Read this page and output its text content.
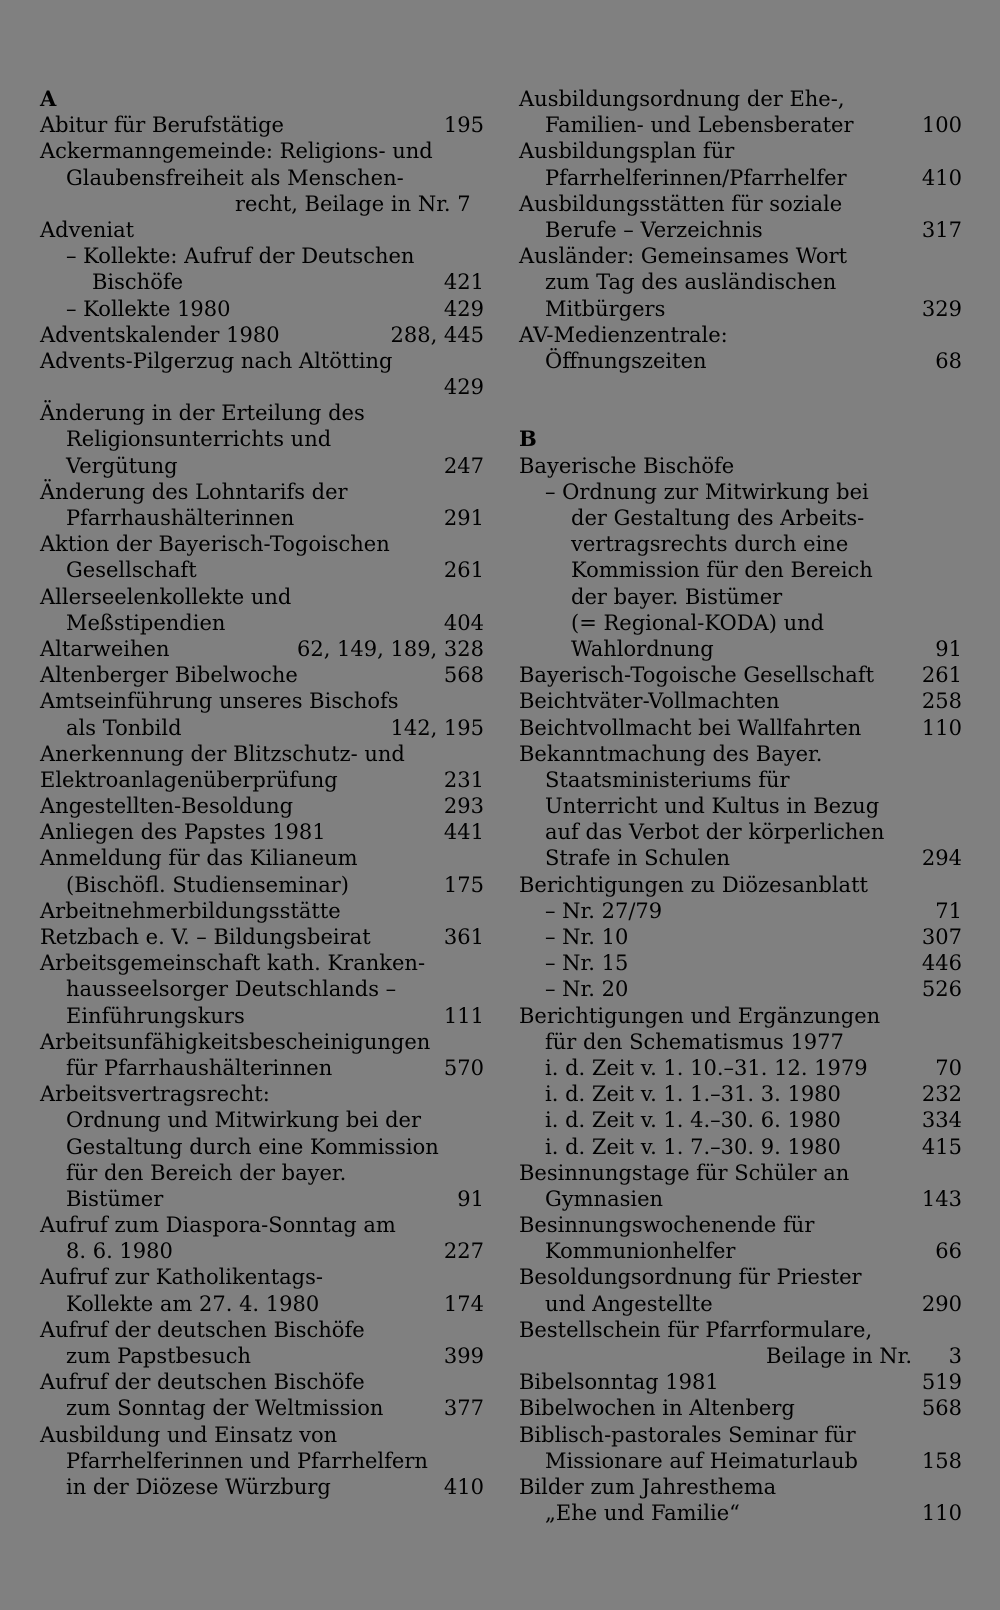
A
Abitur für Berufstätige	195
Ackermanngemeinde: Religions- und
Glaubensfreiheit als Menschen-
recht, Beilage in Nr. 7
Adveniat
– Kollekte: Aufruf der Deutschen
Bischöfe	421
– Kollekte 1980	429
Adventskalender 1980	288, 445
Advents-Pilgerzug nach Altötting
429
Änderung in der Erteilung des
Religionsunterrichts und
Vergütung	247
Änderung des Lohntarifs der
Pfarrhaushälterinnen	291
Aktion der Bayerisch-Togoischen
Gesellschaft	261
Allerseelenkollekte und
Meßstipendien	404
Altarweihen	62, 149, 189, 328
Altenberger Bibelwoche	568
Amtseinführung unseres Bischofs
als Tonbild	142, 195
Anerkennung der Blitzschutz- und
Elektroanlagenüberprüfung	231
Angestellten-Besoldung	293
Anliegen des Papstes 1981	441
Anmeldung für das Kilianeum
(Bischöfl. Studienseminar)	175
Arbeitnehmerbildungsstätte
Retzbach e. V. – Bildungsbeirat	361
Arbeitsgemeinschaft kath. Kranken-
hausseelsorger Deutschlands –
Einführungskurs	111
Arbeitsunfähigkeitsbescheinigungen
für Pfarrhaushälterinnen	570
Arbeitsvertragsrecht:
Ordnung und Mitwirkung bei der
Gestaltung durch eine Kommission
für den Bereich der bayer.
Bistümer	91
Aufruf zum Diaspora-Sonntag am
8. 6. 1980	227
Aufruf zur Katholikentags-
Kollekte am 27. 4. 1980	174
Aufruf der deutschen Bischöfe
zum Papstbesuch	399
Aufruf der deutschen Bischöfe
zum Sonntag der Weltmission	377
Ausbildung und Einsatz von
Pfarrhelferinnen und Pfarrhelfern
in der Diözese Würzburg	410
Ausbildungsordnung der Ehe-,
Familien- und Lebensberater	100
Ausbildungsplan für
Pfarrhelferinnen/Pfarrhelfer	410
Ausbildungsstätten für soziale
Berufe – Verzeichnis	317
Ausländer: Gemeinsames Wort
zum Tag des ausländischen
Mitbürgers	329
AV-Medienzentrale:
Öffnungszeiten	68
B
Bayerische Bischöfe
– Ordnung zur Mitwirkung bei
der Gestaltung des Arbeits-
vertragsrechts durch eine
Kommission für den Bereich
der bayer. Bistümer
(= Regional-KODA) und
Wahlordnung	91
Bayerisch-Togoische Gesellschaft 261
Beichtväter-Vollmachten	258
Beichtvollmacht bei Wallfahrten	110
Bekanntmachung des Bayer.
Staatsministeriums für
Unterricht und Kultus in Bezug
auf das Verbot der körperlichen
Strafe in Schulen	294
Berichtigungen zu Diözesanblatt
– Nr. 27/79	71
– Nr. 10	307
– Nr. 15	446
– Nr. 20	526
Berichtigungen und Ergänzungen
für den Schematismus 1977
i. d. Zeit v. 1. 10.–31. 12. 1979	70
i. d. Zeit v. 1. 1.–31. 3. 1980	232
i. d. Zeit v. 1. 4.–30. 6. 1980	334
i. d. Zeit v. 1. 7.–30. 9. 1980	415
Besinnungstage für Schüler an
Gymnasien	143
Besinnungswochenende für
Kommunionhelfer	66
Besoldungsordnung für Priester
und Angestellte	290
Bestellschein für Pfarrformulare,
Beilage in Nr. 3
Bibelsonntag 1981	519
Bibelwochen in Altenberg	568
Biblisch-pastorales Seminar für
Missionare auf Heimaturlaub	158
Bilder zum Jahresthema
„Ehe und Familie“	110
